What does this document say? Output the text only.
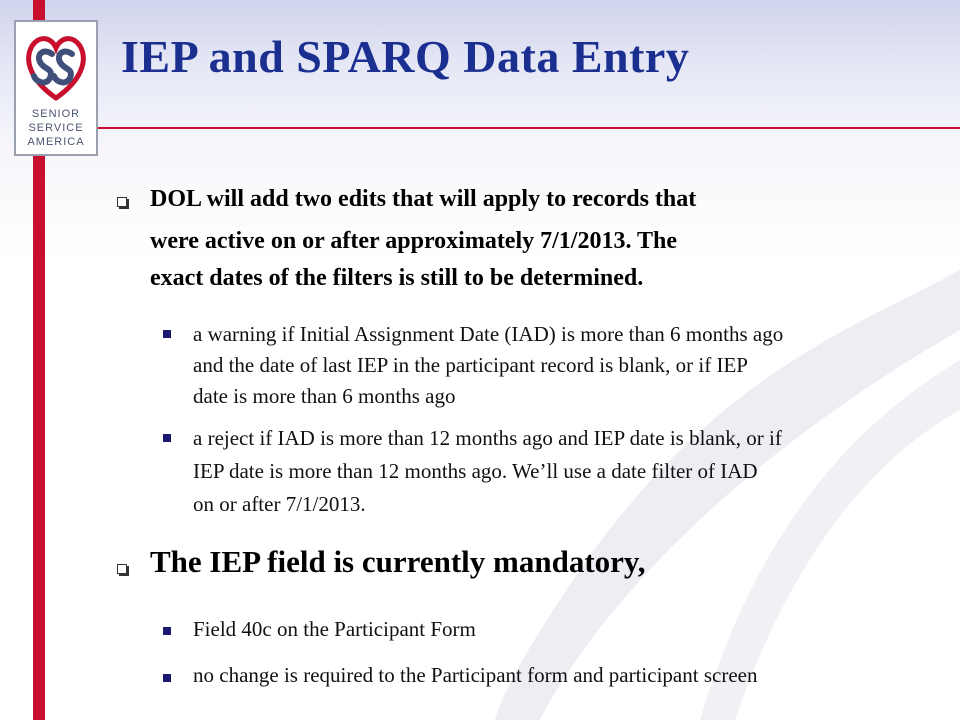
SENIOR
SERVICE
AMERICA
IEP and SPARQ Data Entry
DOL will add two edits that will apply to records that
were active on or after approximately 7/1/2013. The
exact dates of the filters is still to be determined.
a warning if Initial Assignment Date (IAD) is more than 6 months ago
and the date of last IEP in the participant record is blank, or if IEP
date is more than 6 months ago
a reject if IAD is more than 12 months ago and IEP date is blank, or if
IEP date is more than 12 months ago. We’ll use a date filter of IAD
on or after 7/1/2013.
The IEP field is currently mandatory,
Field 40c on the Participant Form
no change is required to the Participant form and participant screen
